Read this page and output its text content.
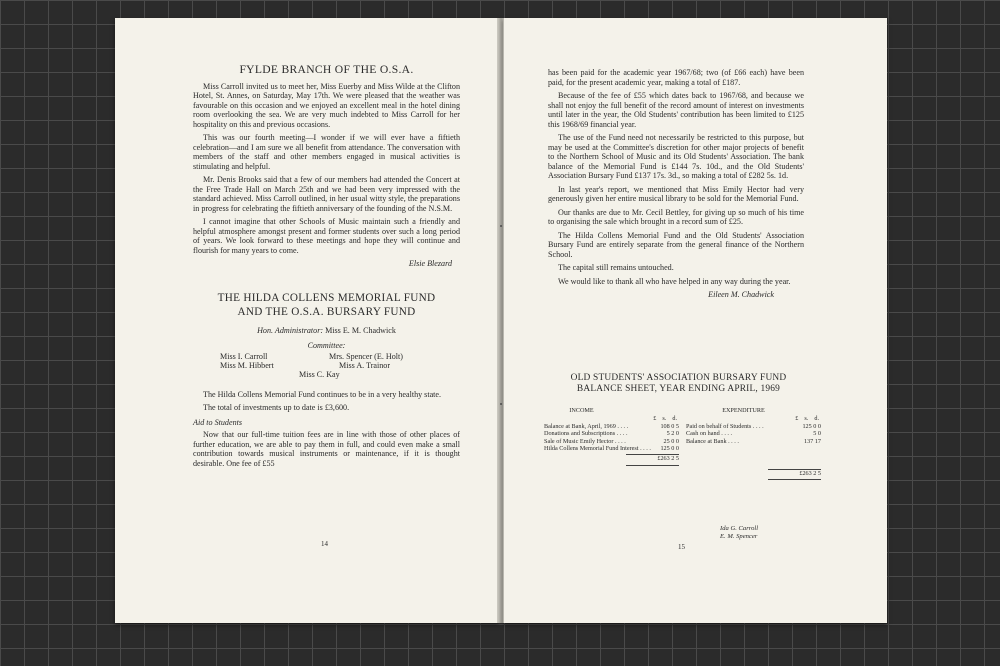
FYLDE BRANCH OF THE O.S.A.

Miss Carroll invited us to meet her, Miss Euerby and Miss Wilde at the Clifton Hotel, St. Annes, on Saturday, May 17th. We were pleased that the weather was favourable on this occasion and we enjoyed an excellent meal in the hotel dining room overlooking the sea. We are very much indebted to Miss Carroll for her hospitality on this and previous occasions.

This was our fourth meeting—I wonder if we will ever have a fiftieth celebration—and I am sure we all benefit from attendance. The conversation with members of the staff and other members engaged in musical activities is stimulating and helpful.

Mr. Denis Brooks said that a few of our members had attended the Concert at the Free Trade Hall on March 25th and we had been very impressed with the standard achieved. Miss Carroll outlined, in her usual witty style, the preparations in progress for celebrating the fiftieth anniversary of the founding of the N.S.M.

I cannot imagine that other Schools of Music maintain such a friendly and helpful atmosphere amongst present and former students over such a long period of years. We look forward to these meetings and hope they will continue and flourish for many years to come.

Elsie Blezard
THE HILDA COLLENS MEMORIAL FUND
AND THE O.S.A. BURSARY FUND
Hon. Administrator: Miss E. M. Chadwick
Committee:
Miss I. Carroll	Mrs. Spencer (E. Holt)
Miss M. Hibbert	Miss A. Trainor
Miss C. Kay

The Hilda Collens Memorial Fund continues to be in a very healthy state.

The total of investments up to date is £3,600.

Aid to Students

Now that our full-time tuition fees are in line with those of other places of further education, we are able to pay them in full, and could even make a small contribution towards musical instruments or maintenance, if it is thought desirable. One fee of £55

14

has been paid for the academic year 1967/68; two (of £66 each) have been paid, for the present academic year, making a total of £187.

Because of the fee of £55 which dates back to 1967/68, and because we shall not enjoy the full benefit of the record amount of interest on investments until later in the year, the Old Students' contribution has been limited to £125 this 1968/69 financial year.

The use of the Fund need not necessarily be restricted to this purpose, but may be used at the Committee's discretion for other major projects of benefit to the Northern School of Music and its Old Students' Association. The bank balance of the Memorial Fund is £144 7s. 10d., and the Old Students' Association Bursary Fund £137 17s. 3d., so making a total of £282 5s. 1d.

In last year's report, we mentioned that Miss Emily Hector had very generously given her entire musical library to be sold for the Memorial Fund.

Our thanks are due to Mr. Cecil Bettley, for giving up so much of his time to organising the sale which brought in a record sum of £25.

The Hilda Collens Memorial Fund and the Old Students' Association Bursary Fund are entirely separate from the general finance of the Northern School.

The capital still remains untouched.

We would like to thank all who have helped in any way during the year.

Eileen M. Chadwick
OLD STUDENTS' ASSOCIATION BURSARY FUND
BALANCE SHEET, YEAR ENDING APRIL, 1969
INCOME
£ s. d.
Balance at Bank, April, 1969 . . . .	108 0 5
Donations and Subscriptions . . . .	5 2 0
Sale of Music Emily Hector . . . .	25 0 0
Hilda Collens Memorial Fund Interest . . . . 125 0 0
£263 2 5
EXPENDITURE
£ s. d.
Paid on behalf of Students . . . .	125 0 0
Cash on hand . . . .	5 0
Balance at Bank . . . .	137 17
£263 2 5
Ida G. Carroll
E. M. Spencer
15
